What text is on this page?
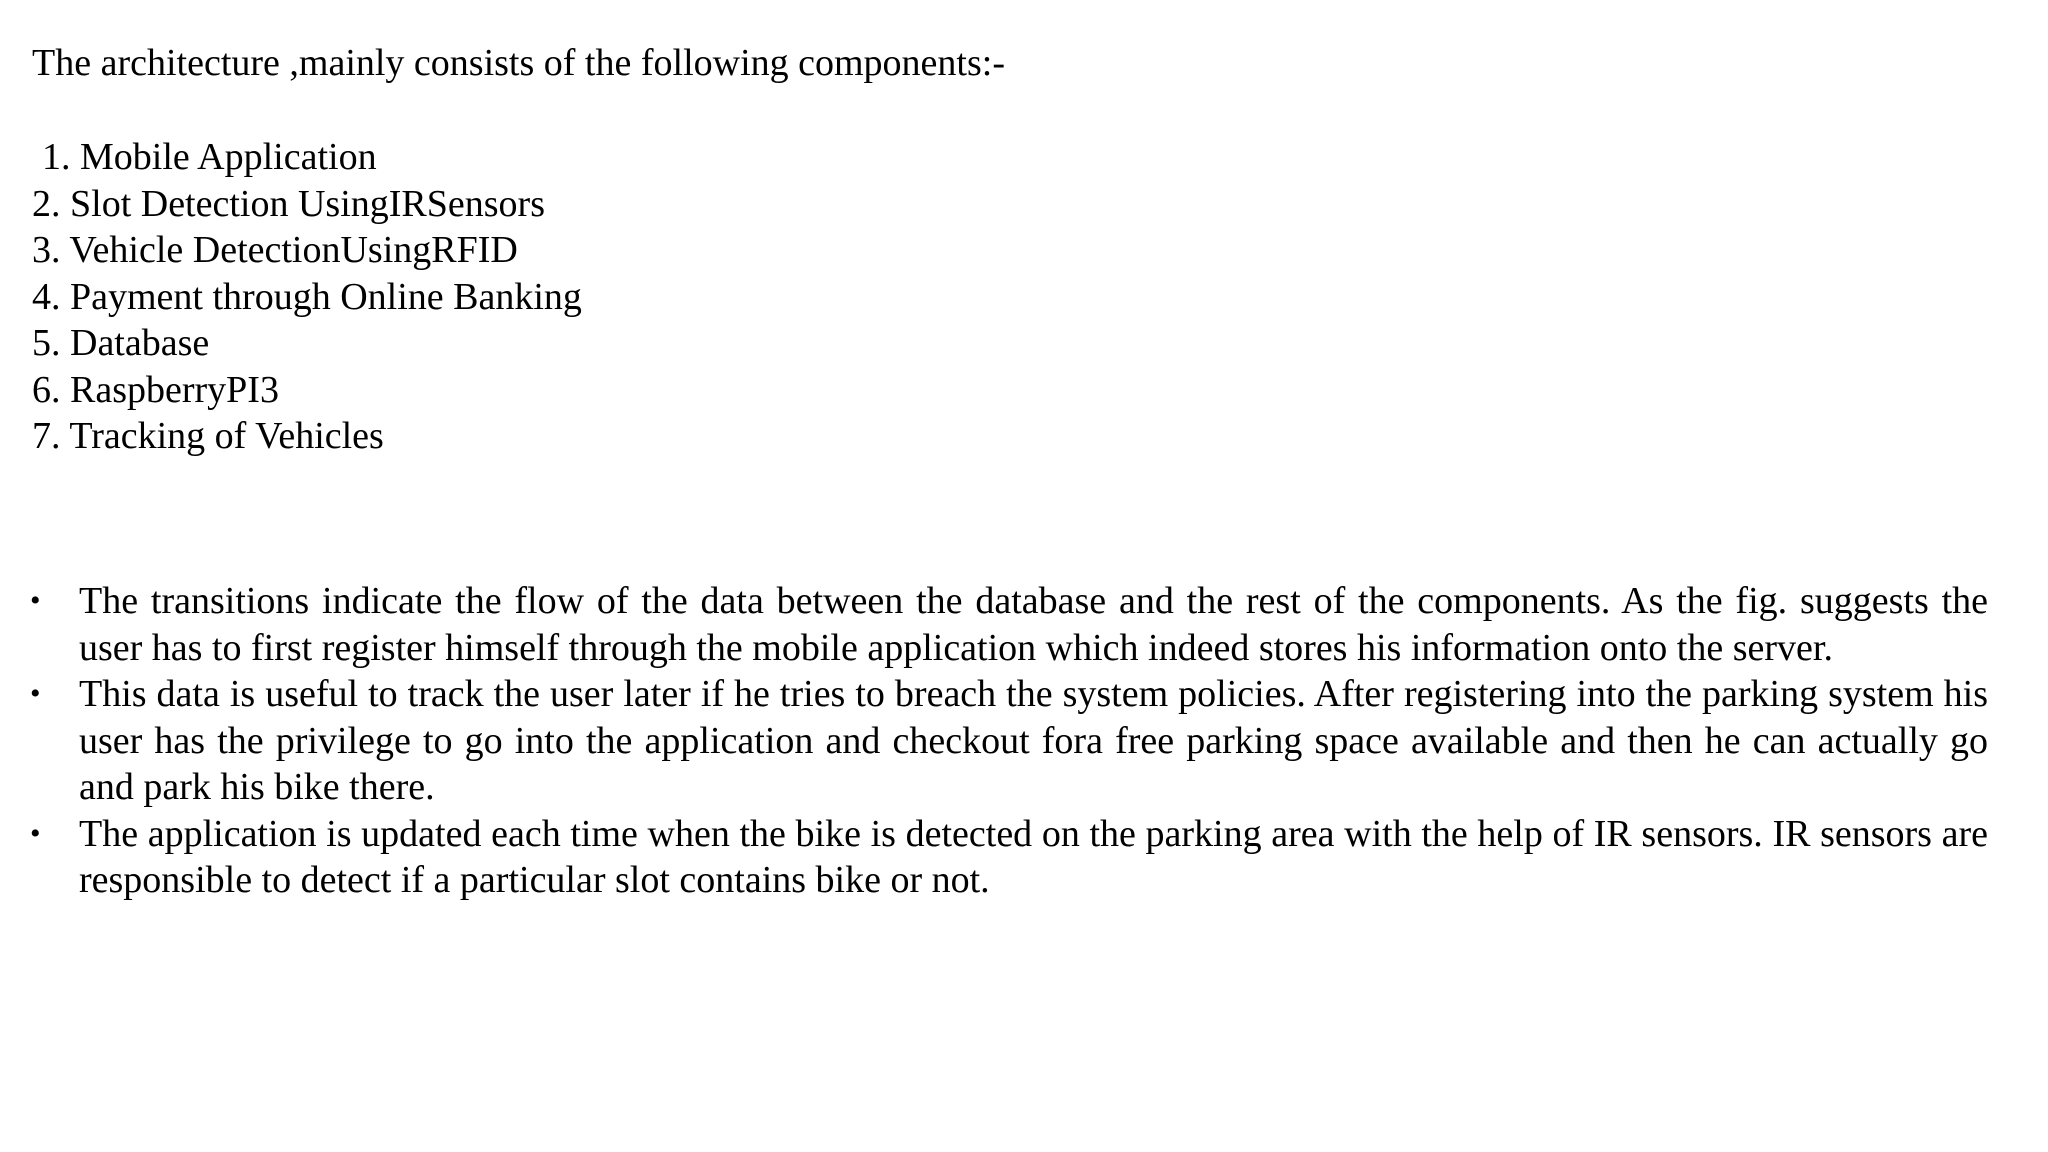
The architecture ,mainly consists of the following components:-

1. Mobile Application
2. Slot Detection UsingIRSensors
3. Vehicle DetectionUsingRFID
4. Payment through Online Banking
5. Database
6. RaspberryPI3
7. Tracking of Vehicles
• The transitions indicate the flow of the data between the database and the rest of the components. As the fig. suggests the user has to first register himself through the mobile application which indeed stores his information onto the server.
• This data is useful to track the user later if he tries to breach the system policies. After registering into the parking system his user has the privilege to go into the application and checkout fora free parking space available and then he can actually go and park his bike there.
• The application is updated each time when the bike is detected on the parking area with the help of IR sensors. IR sensors are responsible to detect if a particular slot contains bike or not.
